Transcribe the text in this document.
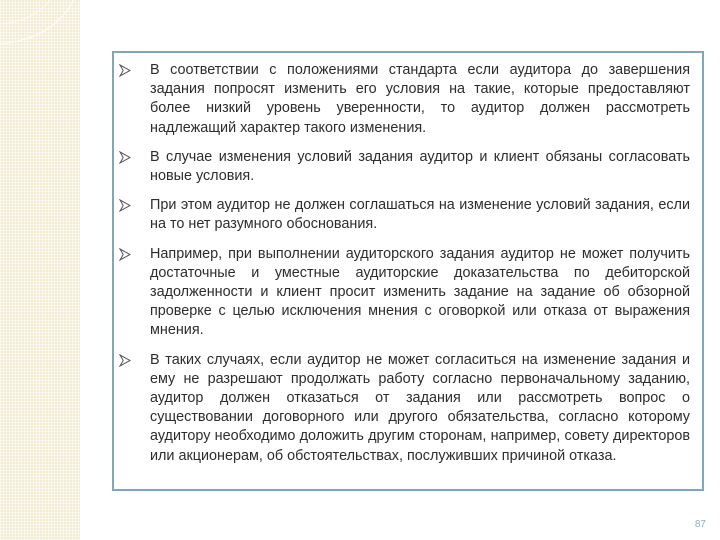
В соответствии с положениями стандарта если аудитора до завершения задания попросят изменить его условия на такие, которые предоставляют более низкий уровень уверенности, то аудитор должен рассмотреть надлежащий характер такого изменения.
В случае изменения условий задания аудитор и клиент обязаны согласовать новые условия.
При этом аудитор не должен соглашаться на изменение условий задания, если на то нет разумного обоснования.
Например, при выполнении аудиторского задания аудитор не может получить достаточные и уместные аудиторские доказательства по дебиторской задолженности и клиент просит изменить задание на задание об обзорной проверке с целью исключения мнения с оговоркой или отказа от выражения мнения.
В таких случаях, если аудитор не может согласиться на изменение задания и ему не разрешают продолжать работу согласно первоначальному заданию, аудитор должен отказаться от задания или рассмотреть вопрос о существовании договорного или другого обязательства, согласно которому аудитору необходимо доложить другим сторонам, например, совету директоров или акционерам, об обстоятельствах, послуживших причиной отказа.
87
